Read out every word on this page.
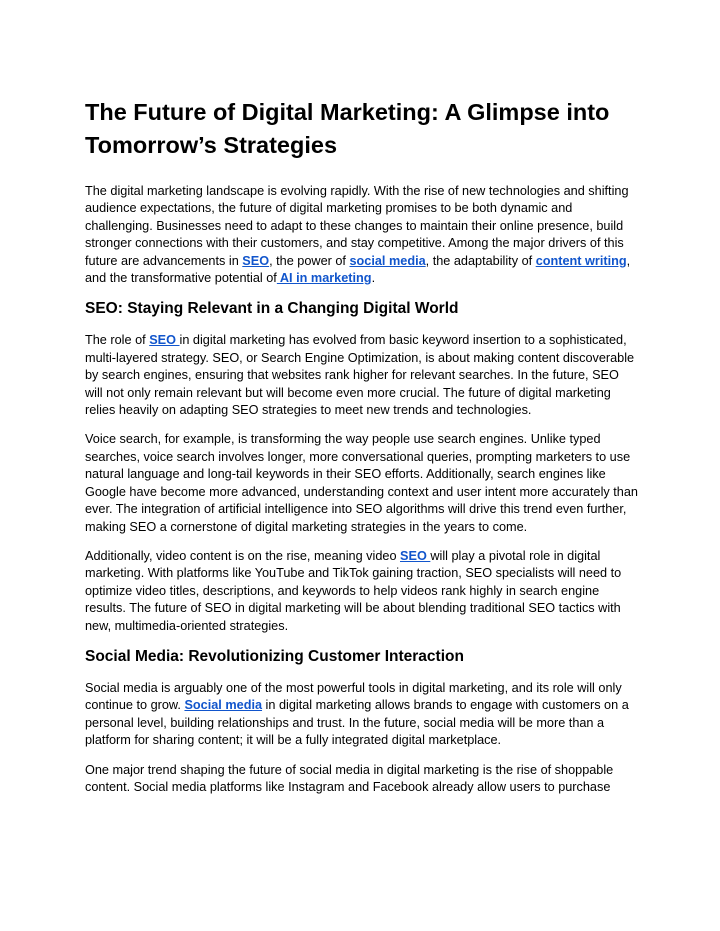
The Future of Digital Marketing: A Glimpse into Tomorrow’s Strategies

The digital marketing landscape is evolving rapidly. With the rise of new technologies and shifting audience expectations, the future of digital marketing promises to be both dynamic and challenging. Businesses need to adapt to these changes to maintain their online presence, build stronger connections with their customers, and stay competitive. Among the major drivers of this future are advancements in SEO, the power of social media, the adaptability of content writing, and the transformative potential of AI in marketing.

SEO: Staying Relevant in a Changing Digital World

The role of SEO in digital marketing has evolved from basic keyword insertion to a sophisticated, multi-layered strategy. SEO, or Search Engine Optimization, is about making content discoverable by search engines, ensuring that websites rank higher for relevant searches. In the future, SEO will not only remain relevant but will become even more crucial. The future of digital marketing relies heavily on adapting SEO strategies to meet new trends and technologies.

Voice search, for example, is transforming the way people use search engines. Unlike typed searches, voice search involves longer, more conversational queries, prompting marketers to use natural language and long-tail keywords in their SEO efforts. Additionally, search engines like Google have become more advanced, understanding context and user intent more accurately than ever. The integration of artificial intelligence into SEO algorithms will drive this trend even further, making SEO a cornerstone of digital marketing strategies in the years to come.

Additionally, video content is on the rise, meaning video SEO will play a pivotal role in digital marketing. With platforms like YouTube and TikTok gaining traction, SEO specialists will need to optimize video titles, descriptions, and keywords to help videos rank highly in search engine results. The future of SEO in digital marketing will be about blending traditional SEO tactics with new, multimedia-oriented strategies.

Social Media: Revolutionizing Customer Interaction

Social media is arguably one of the most powerful tools in digital marketing, and its role will only continue to grow. Social media in digital marketing allows brands to engage with customers on a personal level, building relationships and trust. In the future, social media will be more than a platform for sharing content; it will be a fully integrated digital marketplace.

One major trend shaping the future of social media in digital marketing is the rise of shoppable content. Social media platforms like Instagram and Facebook already allow users to purchase
